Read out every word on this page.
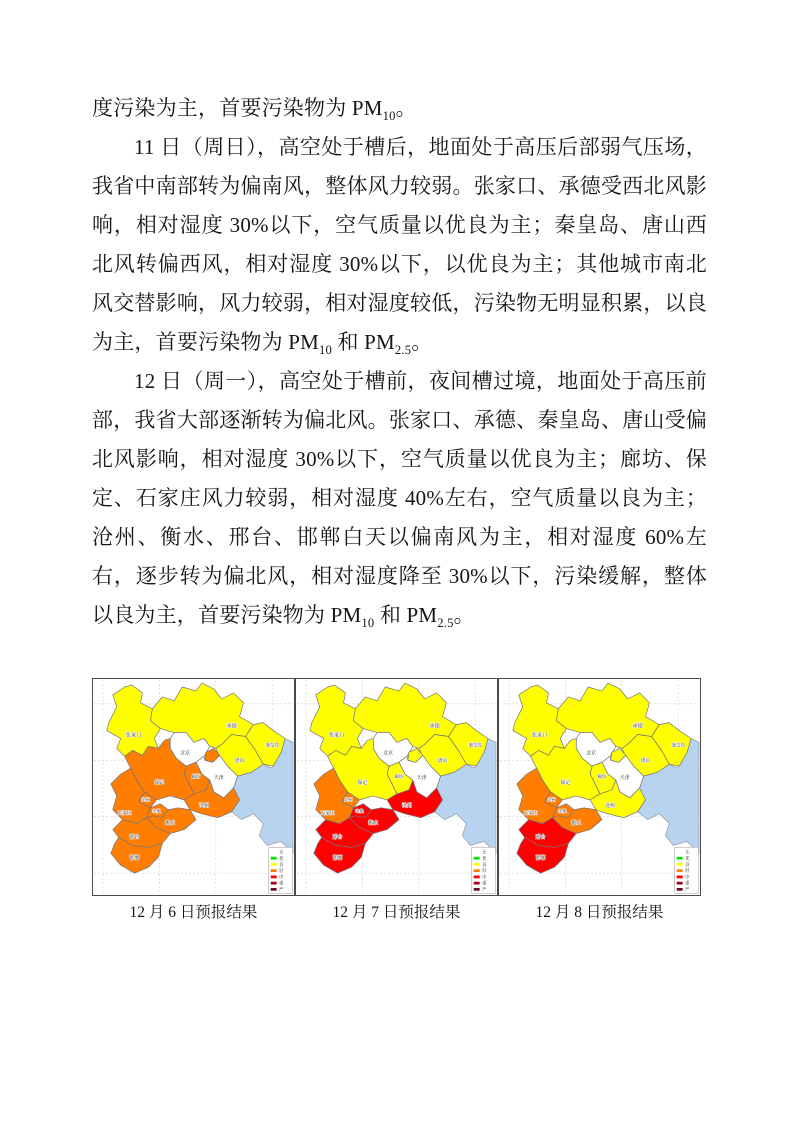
度污染为主，首要污染物为 $PM_{10}$。

11 日（周日），高空处于槽后，地面处于高压后部弱气压场，我省中南部转为偏南风，整体风力较弱。张家口、承德受西北风影响，相对湿度 30%以下，空气质量以优良为主；秦皇岛、唐山西北风转偏西风，相对湿度 30%以下，以优良为主；其他城市南北风交替影响，风力较弱，相对湿度较低，污染物无明显积累，以良为主，首要污染物为 $PM_{10}$ 和 $PM_{2.5}$。

12 日（周一），高空处于槽前，夜间槽过境，地面处于高压前部，我省大部逐渐转为偏北风。张家口、承德、秦皇岛、唐山受偏北风影响，相对湿度 30%以下，空气质量以优良为主；廊坊、保定、石家庄风力较弱，相对湿度 40%左右，空气质量以良为主；沧州、衡水、邢台、邯郸白天以偏南风为主，相对湿度 60%左右，逐步转为偏北风，相对湿度降至 30%以下，污染缓解，整体以良为主，首要污染物为 $PM_{10}$ 和 $PM_{2.5}$。

张家口
承德
北京
秦皇岛
唐山
天津
廊坊
保定
定州
石家庄	辛集
沧州
衡水
邢台
邯郸
无
优
良
轻
中
重
严
12 月 6 日预报结果
张家口
承德
北京
秦皇岛
唐山
天津
廊坊
保定
定州
石家庄	辛集
沧州
衡水
邢台
邯郸
无
优
良
轻
中
重
严
12 月 7 日预报结果
张家口
承德
北京
秦皇岛
唐山
天津
廊坊
保定
定州
石家庄	辛集
沧州
衡水
邢台
邯郸
无
优
良
轻
中
重
严
12 月 8 日预报结果
